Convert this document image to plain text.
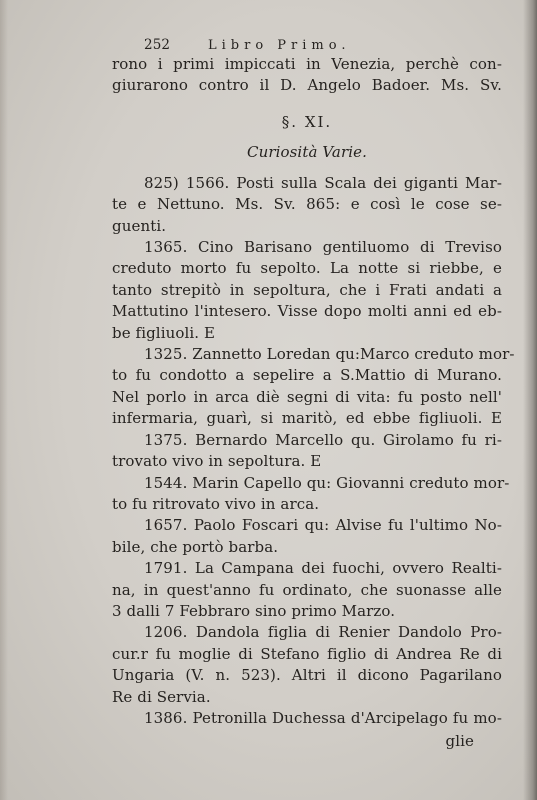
252	Libro Primo.
rono i primi impiccati in Venezia, perchè con-
giurarono contro il D. Angelo Badoer. Ms. Sv.
§. XI.
Curiosità Varie.
825) 1566. Posti sulla Scala dei giganti Mar-
te e Nettuno. Ms. Sv. 865: e così le cose se-
guenti.
1365. Cino Barisano gentiluomo di Treviso
creduto morto fu sepolto. La notte si riebbe, e
tanto strepitò in sepoltura, che i Frati andati a
Mattutino l'intesero. Visse dopo molti anni ed eb-
be figliuoli. E
1325. Zannetto Loredan qu:Marco creduto mor-
to fu condotto a sepelire a S.Mattio di Murano.
Nel porlo in arca diè segni di vita: fu posto nell'
infermaria, guarì, si maritò, ed ebbe figliuoli. E
1375. Bernardo Marcello qu. Girolamo fu ri-
trovato vivo in sepoltura. E
1544. Marin Capello qu: Giovanni creduto mor-
to fu ritrovato vivo in arca.
1657. Paolo Foscari qu: Alvise fu l'ultimo No-
bile, che portò barba.
1791. La Campana dei fuochi, ovvero Realti-
na, in quest'anno fu ordinato, che suonasse alle
3 dalli 7 Febbraro sino primo Marzo.
1206. Dandola figlia di Renier Dandolo Pro-
cur.r fu moglie di Stefano figlio di Andrea Re di
Ungaria (V. n. 523). Altri il dicono Pagarilano
Re di Servia.
1386. Petronilla Duchessa d'Arcipelago fu mo-
glie
